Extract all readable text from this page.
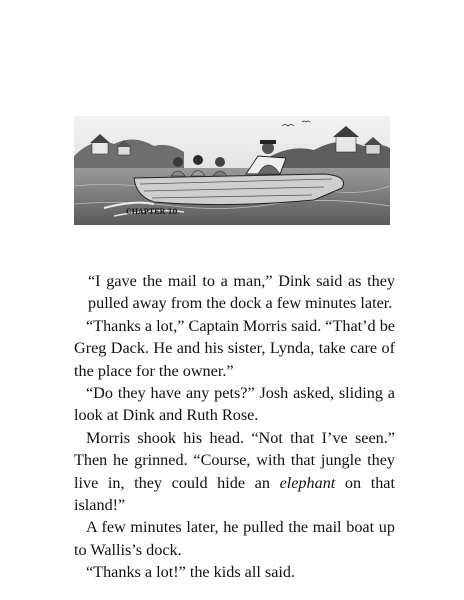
CHAPTER 10

“I gave the mail to a man,” Dink said as they
pulled away from the dock a few minutes later.

“Thanks a lot,” Captain Morris said. “That’d be
Greg Dack. He and his sister, Lynda, take care of
the place for the owner.”

“Do they have any pets?” Josh asked, sliding a
look at Dink and Ruth Rose.

Morris shook his head. “Not that I’ve seen.”
Then he grinned. “Course, with that jungle they
live in, they could hide an elephant on that
island!”

A few minutes later, he pulled the mail boat up
to Wallis’s dock.

“Thanks a lot!” the kids all said.
